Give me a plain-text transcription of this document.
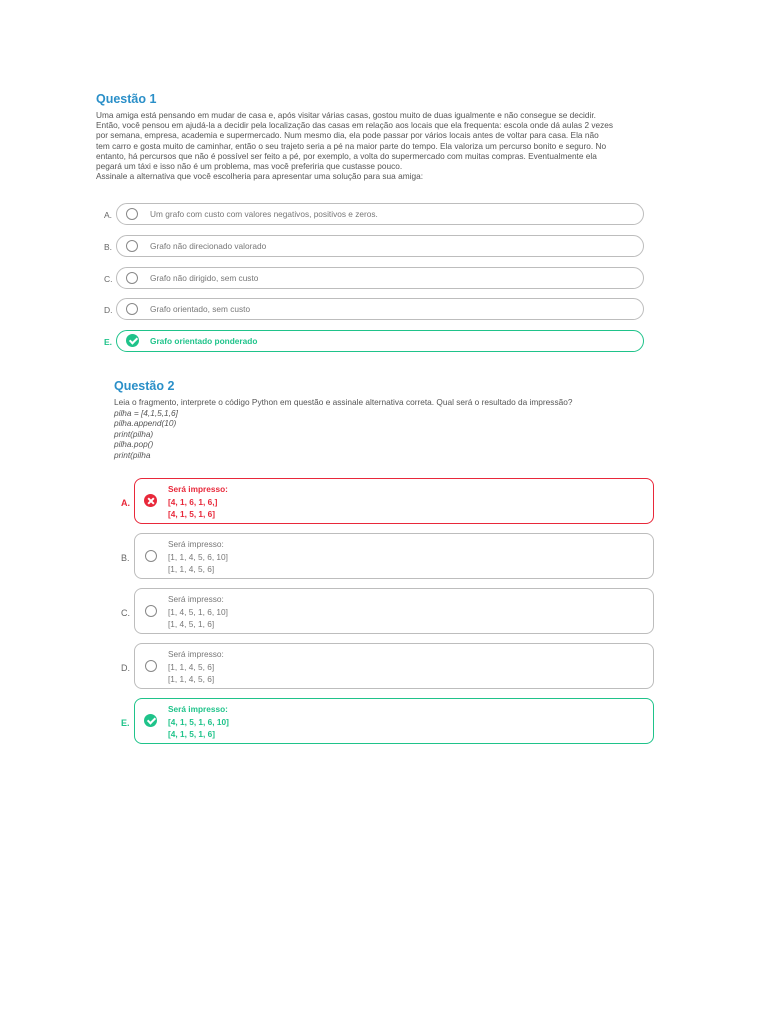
Questão 1

Uma amiga está pensando em mudar de casa e, após visitar várias casas, gostou muito de duas igualmente e não consegue se decidir.

Então, você pensou em ajudá-la a decidir pela localização das casas em relação aos locais que ela frequenta: escola onde dá aulas 2 vezes

por semana, empresa, academia e supermercado. Num mesmo dia, ela pode passar por vários locais antes de voltar para casa. Ela não

tem carro e gosta muito de caminhar, então o seu trajeto seria a pé na maior parte do tempo. Ela valoriza um percurso bonito e seguro. No

entanto, há percursos que não é possível ser feito a pé, por exemplo, a volta do supermercado com muitas compras. Eventualmente ela

pegará um táxi e isso não é um problema, mas você preferiria que custasse pouco.

Assinale a alternativa que você escolheria para apresentar uma solução para sua amiga:

A.	Um grafo com custo com valores negativos, positivos e zeros.
B.	Grafo não direcionado valorado
C.	Grafo não dirigido, sem custo
D.	Grafo orientado, sem custo
E.	Grafo orientado ponderado
Questão 2

Leia o fragmento, interprete o código Python em questão e assinale alternativa correta. Qual será o resultado da impressão?

pilha = [4,1,5,1,6]

pilha.append(10)

print(pilha)

pilha.pop()

print(pilha

A.
Será impresso:
[4, 1, 6, 1, 6,]
[4, 1, 5, 1, 6]
B.
Será impresso:
[1, 1, 4, 5, 6, 10]
[1, 1, 4, 5, 6]
C.
Será impresso:
[1, 4, 5, 1, 6, 10]
[1, 4, 5, 1, 6]
D.
Será impresso:
[1, 1, 4, 5, 6]
[1, 1, 4, 5, 6]
E.
Será impresso:
[4, 1, 5, 1, 6, 10]
[4, 1, 5, 1, 6]
